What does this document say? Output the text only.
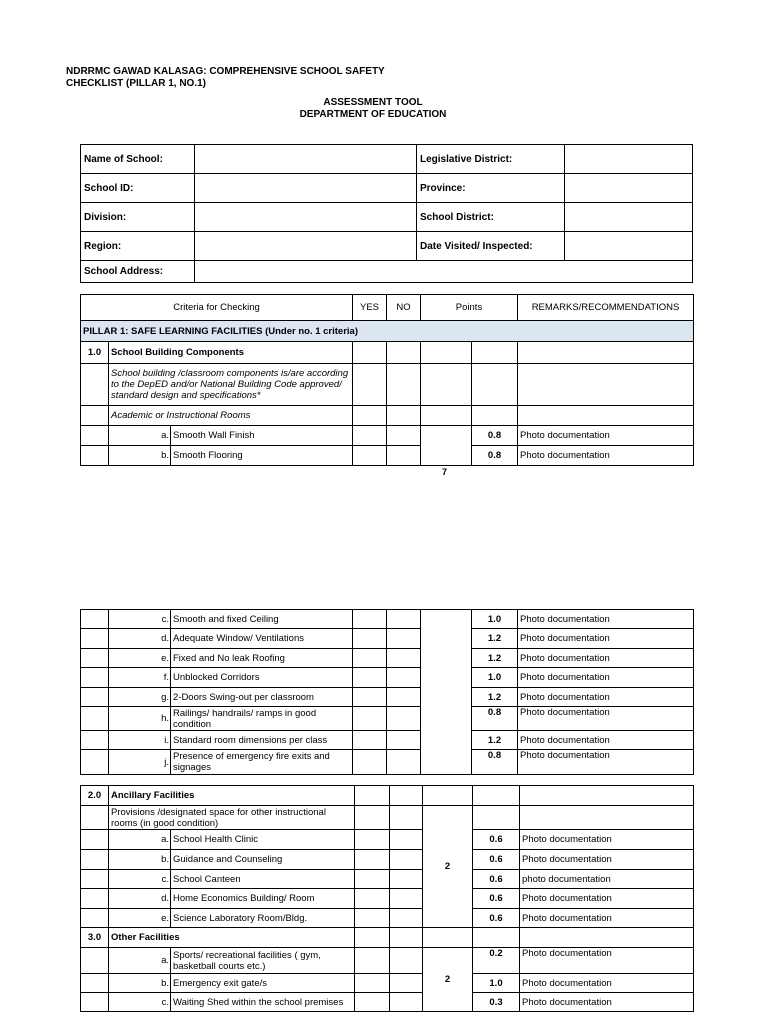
NDRRMC GAWAD KALASAG: COMPREHENSIVE SCHOOL SAFETY
CHECKLIST (PILLAR 1, NO.1)
ASSESSMENT TOOL
DEPARTMENT OF EDUCATION
Name of School:		Legislative District:	
School ID:		Province:	
Division:		School District:	
Region:		Date Visited/ Inspected:	
School Address:			
Criteria for Checking			YES	NO	Points		REMARKS/RECOMMENDATIONS
PILLAR 1: SAFE LEARNING FACILITIES (Under no. 1 criteria)							
1.0	School Building Components						
	School building /classroom components is/are according to the DepED and/or National Building Code approved/ standard design and specifications*						
	Academic or Instructional Rooms						
	a.	Smooth Wall Finish				0.8	Photo documentation
	b.	Smooth Flooring				0.8	Photo documentation
7
	c.	Smooth and fixed Ceiling				1.0	Photo documentation
	d.	Adequate Window/ Ventilations				1.2	Photo documentation
	e.	Fixed and No leak Roofing				1.2	Photo documentation
	f.	Unblocked Corridors				1.0	Photo documentation
	g.	2-Doors Swing-out per classroom				1.2	Photo documentation
	h.	Railings/ handrails/ ramps in good condition				0.8	Photo documentation
	i.	Standard room dimensions per class				1.2	Photo documentation
	j.	Presence of emergency fire exits and signages				0.8	Photo documentation
2.0	Ancillary Facilities						
	Provisions /designated space for other instructional rooms (in good condition)				2		
	a.	School Health Clinic				0.6	Photo documentation
	b.	Guidance and Counseling				0.6	Photo documentation
	c.	School Canteen				0.6	photo documentation
	d.	Home Economics Building/ Room				0.6	Photo documentation
	e.	Science Laboratory Room/Bldg.				0.6	Photo documentation
3.0	Other Facilities						
	a.	Sports/ recreational facilities ( gym, basketball courts etc.)			2	0.2	Photo documentation
	b.	Emergency exit gate/s				1.0	Photo documentation
	c.	Waiting Shed within the school premises				0.3	Photo documentation
